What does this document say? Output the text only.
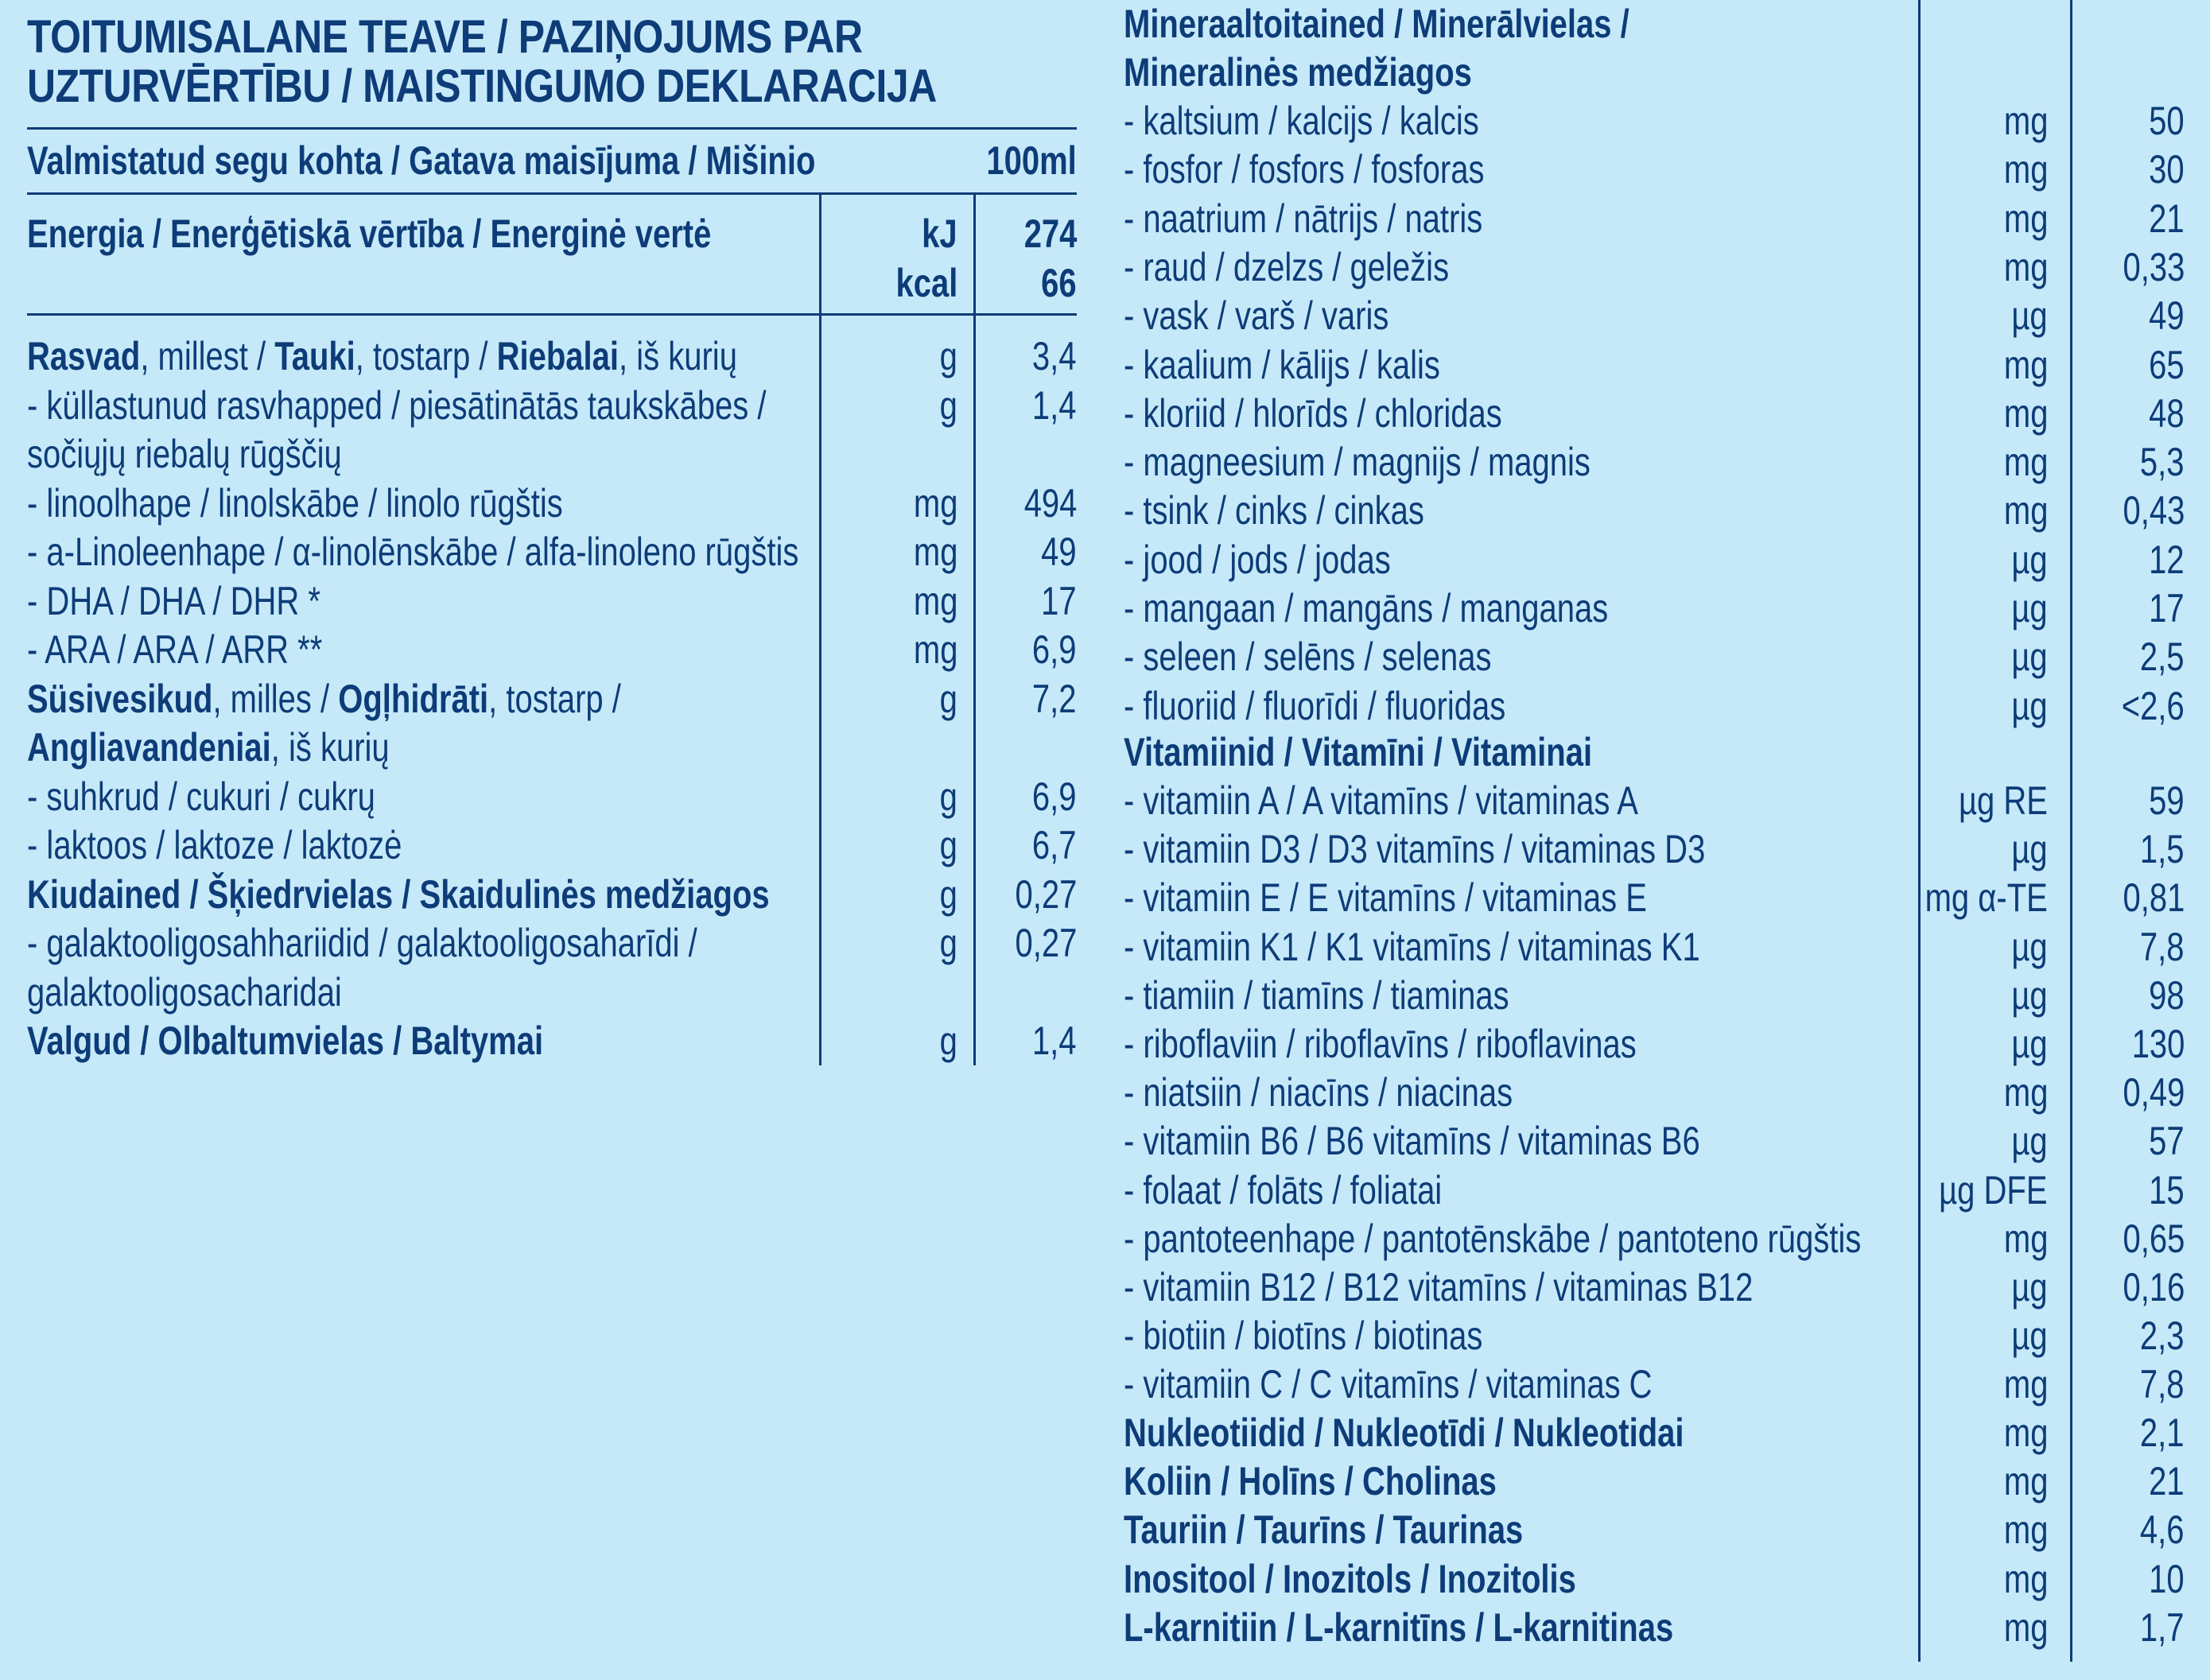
TOITUMISALANE TEAVE / PAZIŅOJUMS PAR
UZTURVĒRTĪBU / MAISTINGUMO DEKLARACIJA
Valmistatud segu kohta / Gatava maisījuma / Mišinio	100ml
Energia / Enerģētiskā vērtība / Energinė vertė	kJ 274
kcal 66
Rasvad, millest / Tauki, tostarp / Riebalai, iš kurių	g 3,4
- küllastunud rasvhapped / piesātinātās taukskābes /	g 1,4
sočiųjų riebalų rūgščių
- linoolhape / linolskābe / linolo rūgštis	mg 494
- a-Linoleenhape / α-linolēnskābe / alfa-linoleno rūgštis	mg 49
- DHA / DHA / DHR *	mg 17
- ARA / ARA / ARR **	mg 6,9
Süsivesikud, milles / Ogļhidrāti, tostarp /	g 7,2
Angliavandeniai, iš kurių
- suhkrud / cukuri / cukrų	g 6,9
- laktoos / laktoze / laktozė	g 6,7
Kiudained / Šķiedrvielas / Skaidulinės medžiagos	g 0,27
- galaktooligosahhariidid / galaktooligosaharīdi /	g 0,27
galaktooligosacharidai
Valgud / Olbaltumvielas / Baltymai	g 1,4
Mineraaltoitained / Minerālvielas /
Mineralinės medžiagos
- kaltsium / kalcijs / kalcis	mg	50
- fosfor / fosfors / fosforas	mg	30
- naatrium / nātrijs / natris	mg	21
- raud / dzelzs / geležis	mg 0,33
- vask / varš / varis	µg	49
- kaalium / kālijs / kalis	mg	65
- kloriid / hlorīds / chloridas	mg	48
- magneesium / magnijs / magnis	mg 5,3
- tsink / cinks / cinkas	mg 0,43
- jood / jods / jodas	µg	12
- mangaan / mangāns / manganas	µg	17
- seleen / selēns / selenas	µg 2,5
- fluoriid / fluorīdi / fluoridas	µg <2,6
Vitamiinid / Vitamīni / Vitaminai
- vitamiin A / A vitamīns / vitaminas A	µg RE	59
- vitamiin D3 / D3 vitamīns / vitaminas D3	µg 1,5
- vitamiin E / E vitamīns / vitaminas E	mg α-TE 0,81
- vitamiin K1 / K1 vitamīns / vitaminas K1	µg 7,8
- tiamiin / tiamīns / tiaminas	µg	98
- riboflaviin / riboflavīns / riboflavinas	µg 130
- niatsiin / niacīns / niacinas	mg 0,49
- vitamiin B6 / B6 vitamīns / vitaminas B6	µg	57
- folaat / folāts / foliatai	µg DFE	15
- pantoteenhape / pantotēnskābe / pantoteno rūgštis	mg 0,65
- vitamiin B12 / B12 vitamīns / vitaminas B12	µg 0,16
- biotiin / biotīns / biotinas	µg 2,3
- vitamiin C / C vitamīns / vitaminas C	mg 7,8
Nukleotiidid / Nukleotīdi / Nukleotidai	mg 2,1
Koliin / Holīns / Cholinas	mg	21
Tauriin / Taurīns / Taurinas	mg 4,6
Inositool / Inozitols / Inozitolis	mg	10
L-karnitiin / L-karnitīns / L-karnitinas	mg 1,7
